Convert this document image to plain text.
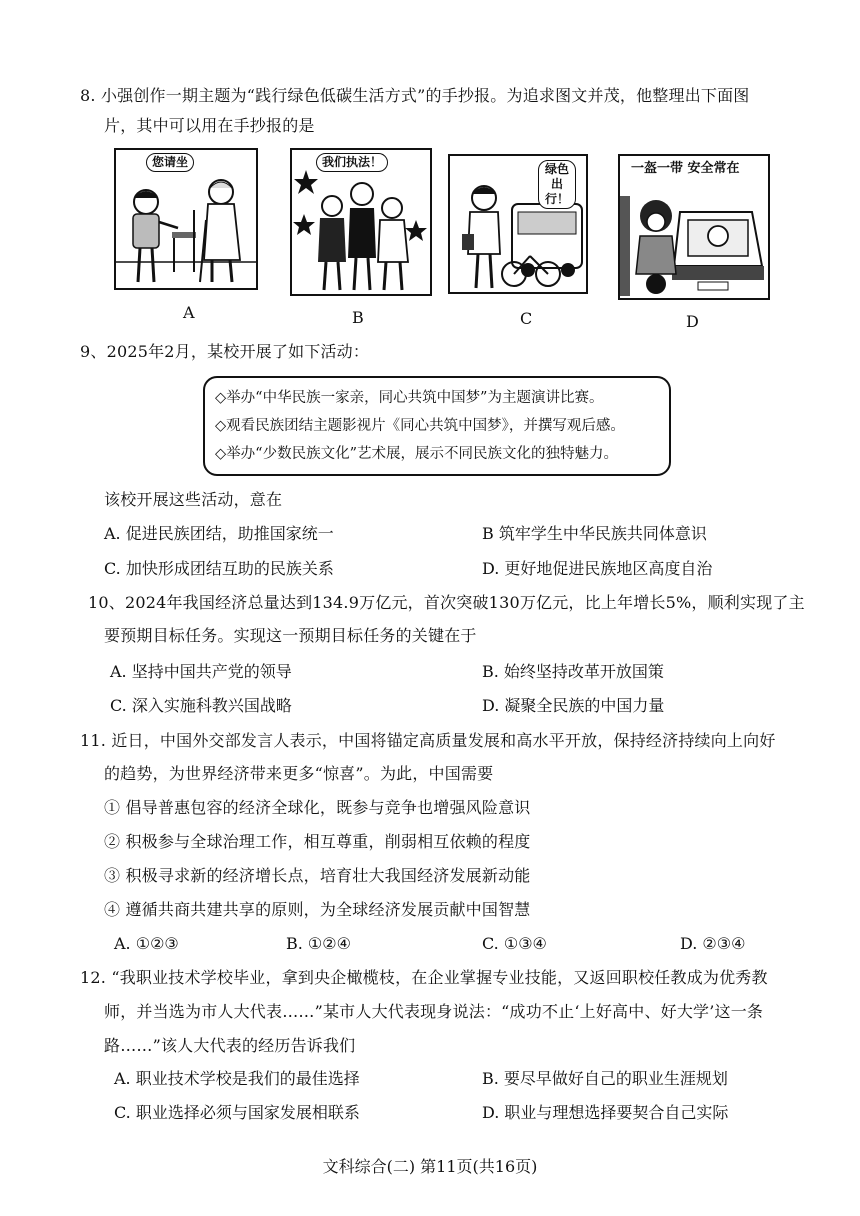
8. 小强创作一期主题为“践行绿色低碳生活方式”的手抄报。为追求图文并茂，他整理出下面图
片，其中可以用在手抄报的是
您请坐
A
我们执法！
B
绿色出行！
C
一盔一带 安全常在
D
9、2025年2月，某校开展了如下活动：
◇举办“中华民族一家亲，同心共筑中国梦”为主题演讲比赛。
◇观看民族团结主题影视片《同心共筑中国梦》，并撰写观后感。
◇举办“少数民族文化”艺术展，展示不同民族文化的独特魅力。
该校开展这些活动，意在
A. 促进民族团结，助推国家统一	B 筑牢学生中华民族共同体意识
C. 加快形成团结互助的民族关系	D. 更好地促进民族地区高度自治
10、2024年我国经济总量达到134.9万亿元，首次突破130万亿元，比上年增长5%，顺利实现了主
要预期目标任务。实现这一预期目标任务的关键在于
A. 坚持中国共产党的领导	B. 始终坚持改革开放国策
C. 深入实施科教兴国战略	D. 凝聚全民族的中国力量
11. 近日，中国外交部发言人表示，中国将锚定高质量发展和高水平开放，保持经济持续向上向好
的趋势，为世界经济带来更多“惊喜”。为此，中国需要
① 倡导普惠包容的经济全球化，既参与竞争也增强风险意识
② 积极参与全球治理工作，相互尊重，削弱相互依赖的程度
③ 积极寻求新的经济增长点，培育壮大我国经济发展新动能
④ 遵循共商共建共享的原则，为全球经济发展贡献中国智慧
A. ①②③	B. ①②④	C. ①③④	D. ②③④
12. “我职业技术学校毕业，拿到央企橄榄枝，在企业掌握专业技能，又返回职校任教成为优秀教
师，并当选为市人大代表……”某市人大代表现身说法：“成功不止‘上好高中、好大学’这一条
路……”该人大代表的经历告诉我们
A. 职业技术学校是我们的最佳选择	B. 要尽早做好自己的职业生涯规划
C. 职业选择必须与国家发展相联系	D. 职业与理想选择要契合自己实际
文科综合(二) 第11页(共16页)
